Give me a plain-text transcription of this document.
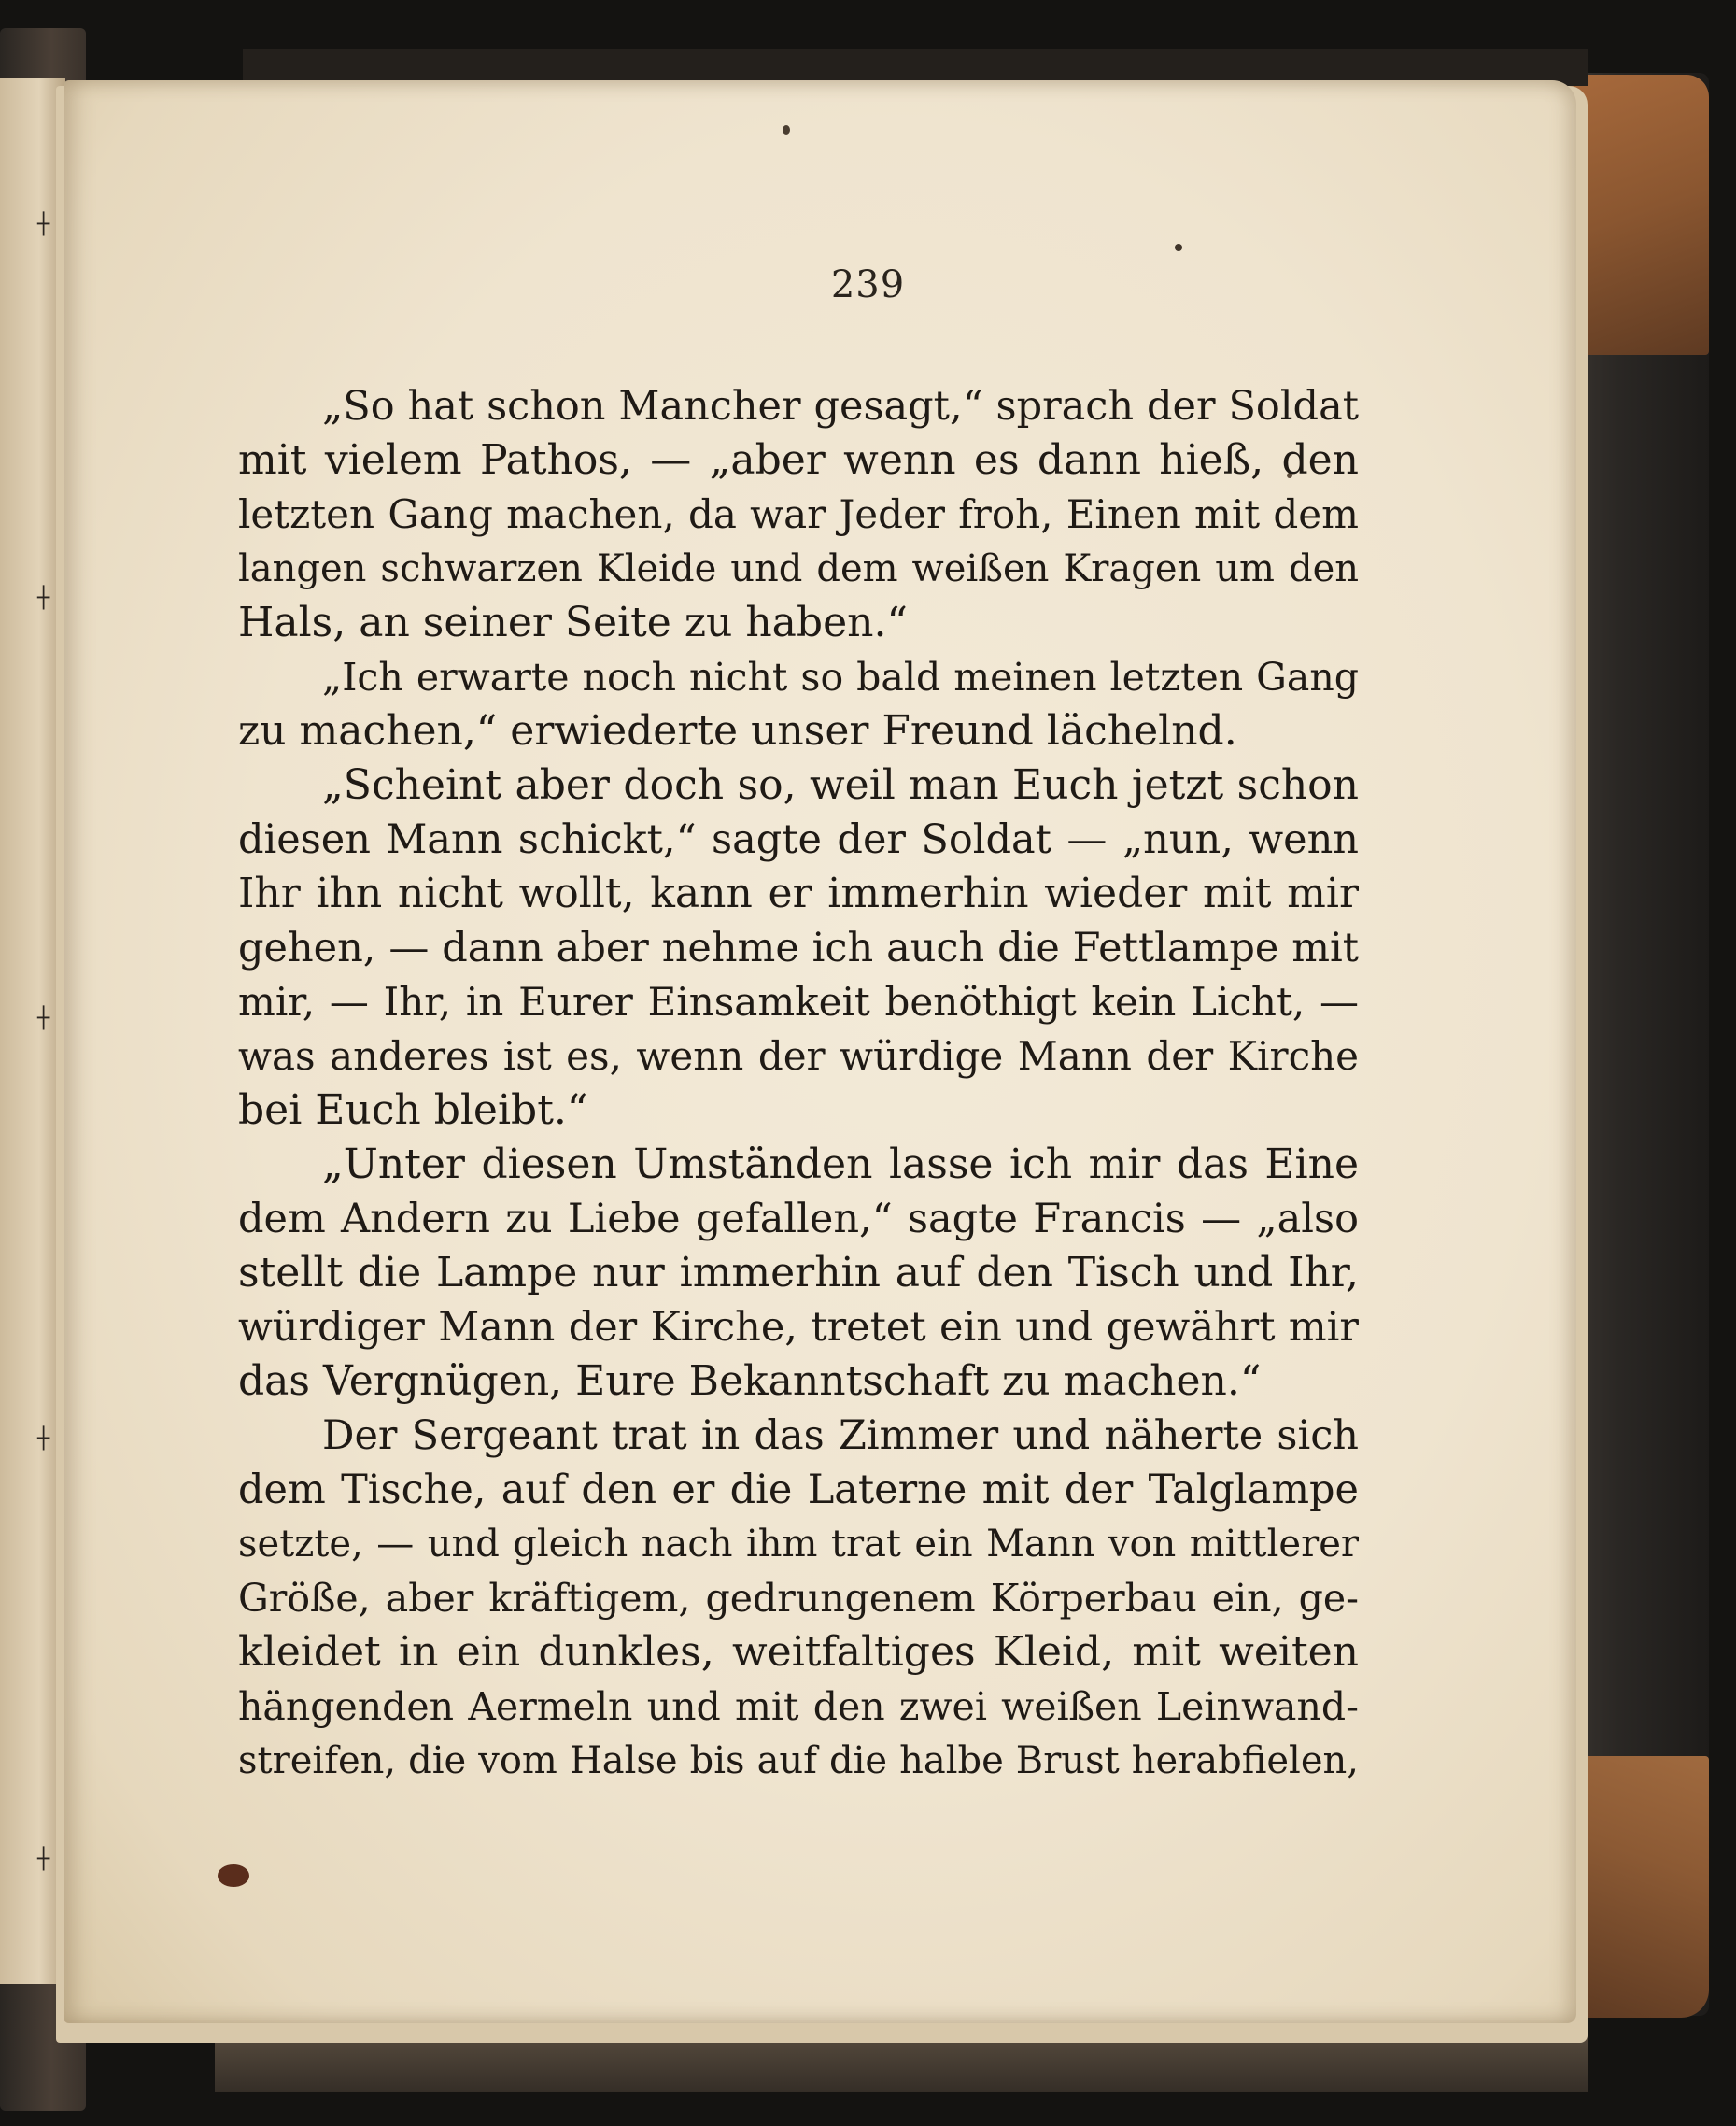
┼
┼
┼
┼
┼
239
„So hat schon Mancher gesagt,“ sprach der Soldat
mit vielem Pathos, — „aber wenn es dann hieß, den
letzten Gang machen, da war Jeder froh, Einen mit dem
langen schwarzen Kleide und dem weißen Kragen um den
Hals, an seiner Seite zu haben.“
„Ich erwarte noch nicht so bald meinen letzten Gang
zu machen,“ erwiederte unser Freund lächelnd.
„Scheint aber doch so, weil man Euch jetzt schon
diesen Mann schickt,“ sagte der Soldat — „nun, wenn
Ihr ihn nicht wollt, kann er immerhin wieder mit mir
gehen, — dann aber nehme ich auch die Fettlampe mit
mir, — Ihr, in Eurer Einsamkeit benöthigt kein Licht, —
was anderes ist es, wenn der würdige Mann der Kirche
bei Euch bleibt.“
„Unter diesen Umständen lasse ich mir das Eine
dem Andern zu Liebe gefallen,“ sagte Francis — „also
stellt die Lampe nur immerhin auf den Tisch und Ihr,
würdiger Mann der Kirche, tretet ein und gewährt mir
das Vergnügen, Eure Bekanntschaft zu machen.“
Der Sergeant trat in das Zimmer und näherte sich
dem Tische, auf den er die Laterne mit der Talglampe
setzte, — und gleich nach ihm trat ein Mann von mittlerer
Größe, aber kräftigem, gedrungenem Körperbau ein, ge-
kleidet in ein dunkles, weitfaltiges Kleid, mit weiten
hängenden Aermeln und mit den zwei weißen Leinwand-
streifen, die vom Halse bis auf die halbe Brust herabfielen,
